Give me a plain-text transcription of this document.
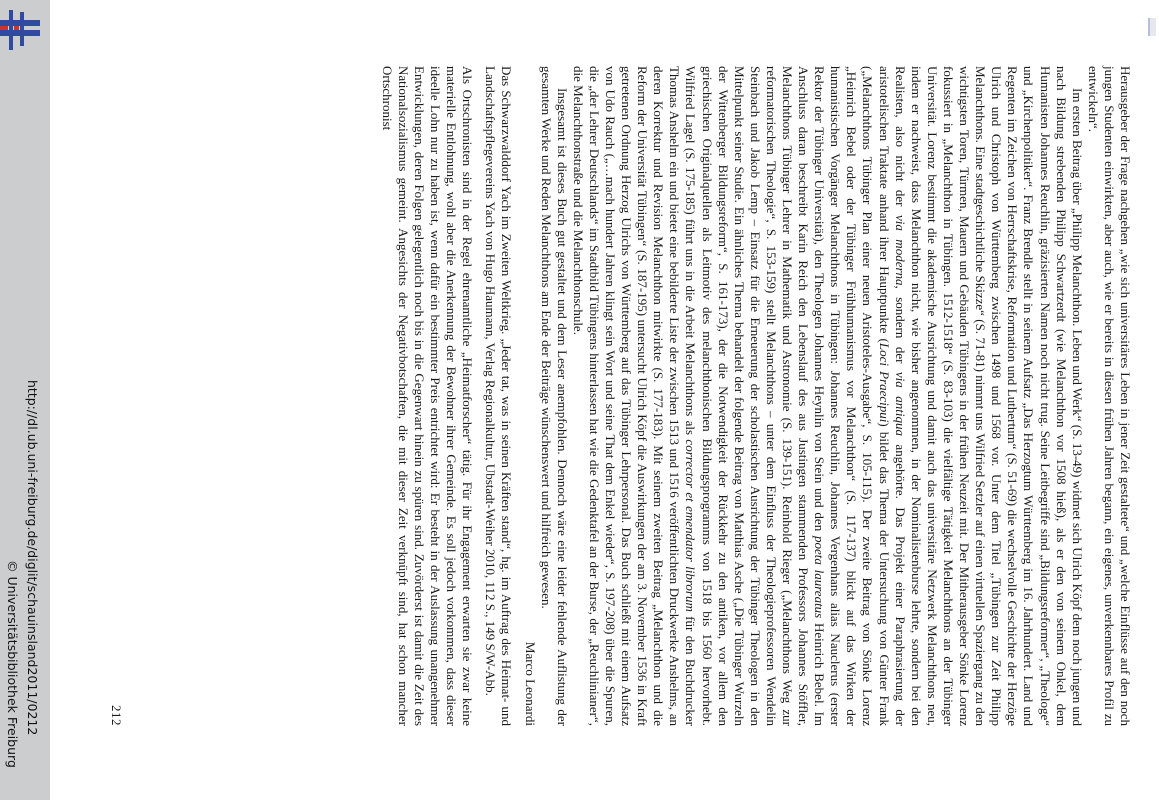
http://dl.ub.uni-freiburg.de/diglit/schauinsland2011/0212
© Universitätsbibliothek Freiburg	Herausgeber der Frage nachgehen „wie sich universitäres Leben in jener Zeit gestaltete“ und „welche Einflüsse auf den noch jungen Studenten einwirkten, aber auch, wie er bereits in diesen frühen Jahren begann, ein eigenes, unverkennbares Profil zu entwickeln“.

Im ersten Beitrag über „Philipp Melanchthon. Leben und Werk“ (S. 13-49) widmet sich Ulrich Köpf dem noch jungen und nach Bildung strebenden Philipp Schwartzerdt (wie Melanchthon vor 1508 hieß), als er den von seinem Onkel, dem Humanisten Johannes Reuchlin, gräzisierten Namen noch nicht trug. Seine Leitbegriffe sind „Bildungsreformer“, „Theologe“ und „Kirchenpolitiker“. Franz Brendle stellt in seinem Aufsatz „Das Herzogtum Württemberg im 16. Jahrhundert. Land und Regenten im Zeichen von Herrschaftskrise, Reformation und Luthertum“ (S. 51-69) die wechselvolle Geschichte der Herzöge Ulrich und Christoph von Württemberg zwischen 1498 und 1568 vor. Unter dem Titel „Tübingen zur Zeit Philipp Melanchthons. Eine stadtgeschichtliche Skizze“ (S. 71-81) nimmt uns Wilfried Setzler auf einen virtuellen Spaziergang zu den wichtigsten Toren, Türmen, Mauern und Gebäuden Tübingens in der frühen Neuzeit mit. Der Mitherausgeber Sönke Lorenz fokussiert in „Melanchthon in Tübingen. 1512-1518“ (S. 83-103) die vielfältige Tätigkeit Melanchthons an der Tübinger Universität. Lorenz bestimmt die akademische Ausrichtung und damit auch das universitäre Netzwerk Melanchthons neu, indem er nachweist, dass Melanchthon nicht, wie bisher angenommen, in der Nominalistenburse lehrte, sondern bei den Realisten, also nicht der via moderna, sondern der via antiqua angehörte. Das Projekt einer Paraphrasierung der aristotelischen Traktate anhand ihrer Hauptpunkte (Loci Praecipui) bildet das Thema der Untersuchung von Günter Frank („Melanchthons Tübinger Plan einer neuen Aristoteles-Ausgabe“, S. 105-115). Der zweite Beitrag von Sönke Lorenz „Heinrich Bebel oder der Tübinger Frühhumanismus vor Melanchthon“ (S. 117-137) blickt auf das Wirken der humanistischen Vorgänger Melanchthons in Tübingen: Johannes Reuchlin, Johannes Vergenhans alias Nauclerus (erster Rektor der Tübinger Universität), den Theologen Johannes Heynlin von Stein und den poeta laureatus Heinrich Bebel. Im Anschluss daran beschreibt Karin Reich den Lebenslauf des aus Justingen stammenden Professors Johannes Stöffler, Melanchthons Tübinger Lehrer in Mathematik und Astronomie (S. 139-151). Reinhold Rieger („Melanchthons Weg zur reformatorischen Theologie“, S. 153-159) stellt Melanchthons – unter dem Einfluss der Theologieprofessoren Wendelin Steinbach und Jakob Lemp – Einsatz für die Erneuerung der scholastischen Ausrichtung der Tübinger Theologen in den Mittelpunkt seiner Studie. Ein ähnliches Thema behandelt der folgende Beitrag von Matthias Asche („Die Tübinger Wurzeln der Wittenberger Bildungsreform“, S. 161-173), der die Notwendigkeit der Rückkehr zu den antiken, vor allem den griechischen Originalquellen als Leitmotiv des melanchthonischen Bildungsprogramms von 1518 bis 1560 hervorhebt. Wilfried Lagel (S. 175-185) führt uns in die Arbeit Melanchthons als corrector et emendator librorum für den Buchdrucker Thomas Anshelm ein und bietet eine bebilderte Liste der zwischen 1513 und 1516 veröffentlichten Druckwerke Anshelms, an deren Korrektur und Revision Melanchthon mitwirkte (S. 177-183). Mit seinem zweiten Beitrag „Melanchthon und die Reform der Universität Tübingen“ (S. 187-195) untersucht Ulrich Köpf die Auswirkungen der am 3. November 1536 in Kraft getretenen Ordnung Herzog Ulrichs von Württemberg auf das Tübinger Lehrpersonal. Das Buch schließt mit einem Aufsatz von Udo Rauch („…mach hundert Jahren klingt sein Wort und seine That dem Enkel wieder“, S. 197-208) über die Spuren, die „der Lehrer Deutschlands“ im Stadtbild Tübingens hinterlassen hat wie die Gedenktafel an der Burse, der „Reuchlinianer“, die Melanchthonstraße und die Melanchthonschule.

Insgesamt ist dieses Buch gut gestaltet und dem Leser anempfohlen. Dennoch wäre eine leider fehlende Auflistung der gesamten Werke und Reden Melanchthons am Ende der Beiträge wünschenswert und hilfreich gewesen.

Marco Leonardi

Das Schwarzwalddorf Yach im Zweiten Weltkrieg. „Jeder tat, was in seinen Kräften stand“, hg. im Auftrag des Heimat- und Landschaftspflegevereins Yach von Hugo Haumann, Verlag Regionalkultur, Ubstadt-Weiher 2010, 112 S., 149 S/W-Abb.

Als Ortschronisten sind in der Regel ehrenamtliche „Heimatforscher“ tätig. Für ihr Engagement erwarten sie zwar keine materielle Entlohnung, wohl aber die Anerkennung der Bewohner ihrer Gemeinde. Es soll jedoch vorkommen, dass dieser ideelle Lohn nur zu haben ist, wenn dafür ein bestimmter Preis entrichtet wird: Er besteht in der Auslassung unangenehmer Entwicklungen, deren Folgen gelegentlich noch bis in die Gegenwart hinein zu spüren sind. Zuvörderst ist damit die Zeit des Nationalsozialismus gemeint. Angesichts der Negativbotschaften, die mit dieser Zeit verknüpft sind, hat schon mancher Ortschronist

212
